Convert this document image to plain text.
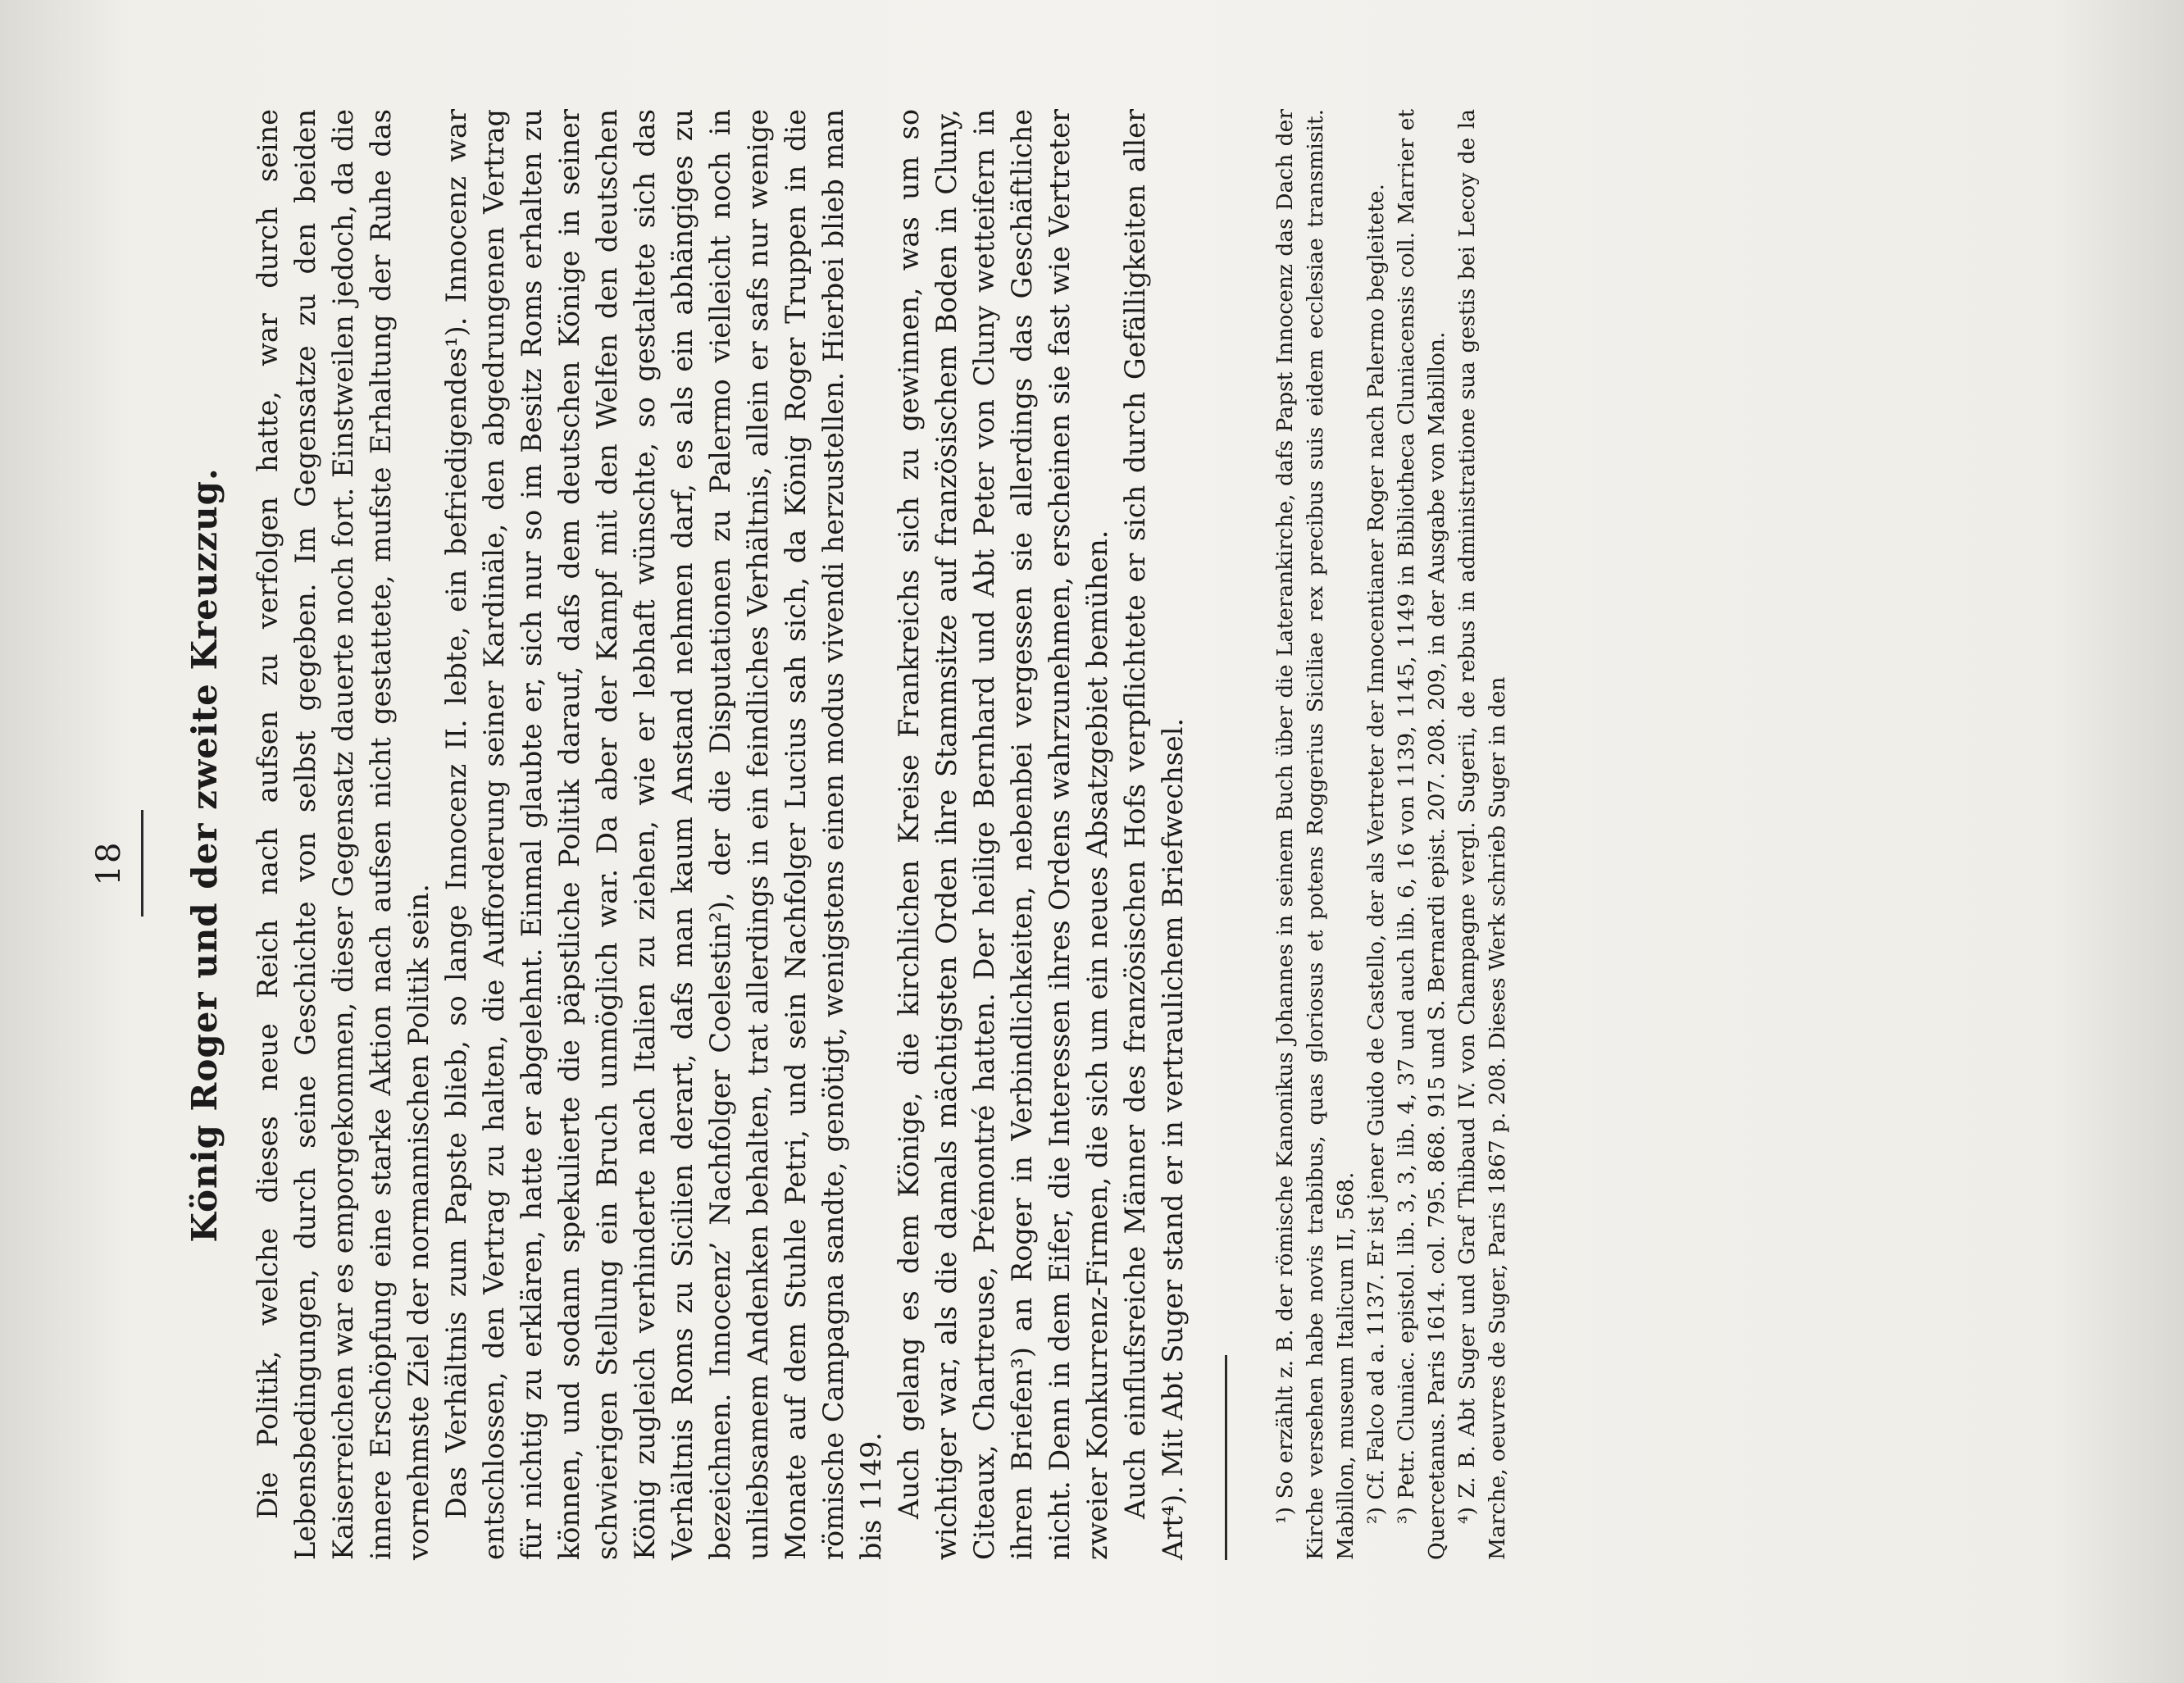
18 König Roger und der zweite Kreuzzug. Die Politik, welche dieses neue Reich nach aufsen zu verfolgen hatte, war durch seine Lebensbedingungen, durch seine Geschichte von selbst gegeben. Im Gegensatze zu den beiden Kaiserreichen war es emporgekommen, dieser Gegensatz dauerte noch fort. Einstweilen jedoch, da die innere Erschöpfung eine starke Aktion nach aufsen nicht gestattete, mufste Erhaltung der Ruhe das vornehmste Ziel der normannischen Politik sein. Das Verhältnis zum Papste blieb, so lange Innocenz II. lebte, ein befriedigendes¹). Innocenz war entschlossen, den Vertrag zu halten, die Aufforderung seiner Kardinäle, den abgedrungenen Vertrag für nichtig zu erklären, hatte er abgelehnt. Einmal glaubte er, sich nur so im Besitz Roms erhalten zu können, und sodann spekulierte die päpstliche Politik darauf, dafs dem deutschen Könige in seiner schwierigen Stellung ein Bruch unmöglich war. Da aber der Kampf mit den Welfen den deutschen König zugleich verhinderte nach Italien zu ziehen, wie er lebhaft wünschte, so gestaltete sich das Verhältnis Roms zu Sicilien derart, dafs man kaum Anstand nehmen darf, es als ein abhängiges zu bezeichnen. Innocenz’ Nachfolger Coelestin²), der die Disputationen zu Palermo vielleicht noch in unliebsamem Andenken behalten, trat allerdings in ein feindliches Verhältnis, allein er safs nur wenige Monate auf dem Stuhle Petri, und sein Nachfolger Lucius sah sich, da König Roger Truppen in die römische Campagna sandte, genötigt, wenigstens einen modus vivendi herzustellen. Hierbei blieb man bis 1149. Auch gelang es dem Könige, die kirchlichen Kreise Frankreichs sich zu gewinnen, was um so wichtiger war, als die damals mächtigsten Orden ihre Stammsitze auf französischem Boden in Cluny, Citeaux, Chartreuse, Prémontré hatten. Der heilige Bernhard und Abt Peter von Cluny wetteifern in ihren Briefen³) an Roger in Verbindlichkeiten, nebenbei vergessen sie allerdings das Geschäftliche nicht. Denn in dem Eifer, die Interessen ihres Ordens wahrzunehmen, erscheinen sie fast wie Vertreter zweier Konkurrenz-Firmen, die sich um ein neues Absatzgebiet bemühen. Auch einflufsreiche Männer des französischen Hofs verpflichtete er sich durch Gefälligkeiten aller Art⁴). Mit Abt Suger stand er in vertraulichem Briefwechsel.	¹) So erzählt z. B. der römische Kanonikus Johannes in seinem Buch über die Laterankirche, dafs Papst Innocenz das Dach der Kirche versehen habe novis trabibus, quas gloriosus et potens Roggerius Siciliae rex precibus suis eidem ecclesiae transmisit. Mabillon, museum Italicum II, 568. ²) Cf. Falco ad a. 1137. Er ist jener Guido de Castello, der als Vertreter der Innocentianer Roger nach Palermo begleitete. ³) Petr. Cluniac. epistol. lib. 3, 3, lib. 4, 37 und auch lib. 6, 16 von 1139, 1145, 1149 in Bibliotheca Cluniacensis coll. Marrier et Quercetanus. Paris 1614. col. 795. 868. 915 und S. Bernardi epist. 207. 208. 209, in der Ausgabe von Mabillon. ⁴) Z. B. Abt Suger und Graf Thibaud IV. von Champagne vergl. Sugerii, de rebus in administratione sua gestis bei Lecoy de la Marche, oeuvres de Suger, Paris 1867 p. 208. Dieses Werk schrieb Suger in den
